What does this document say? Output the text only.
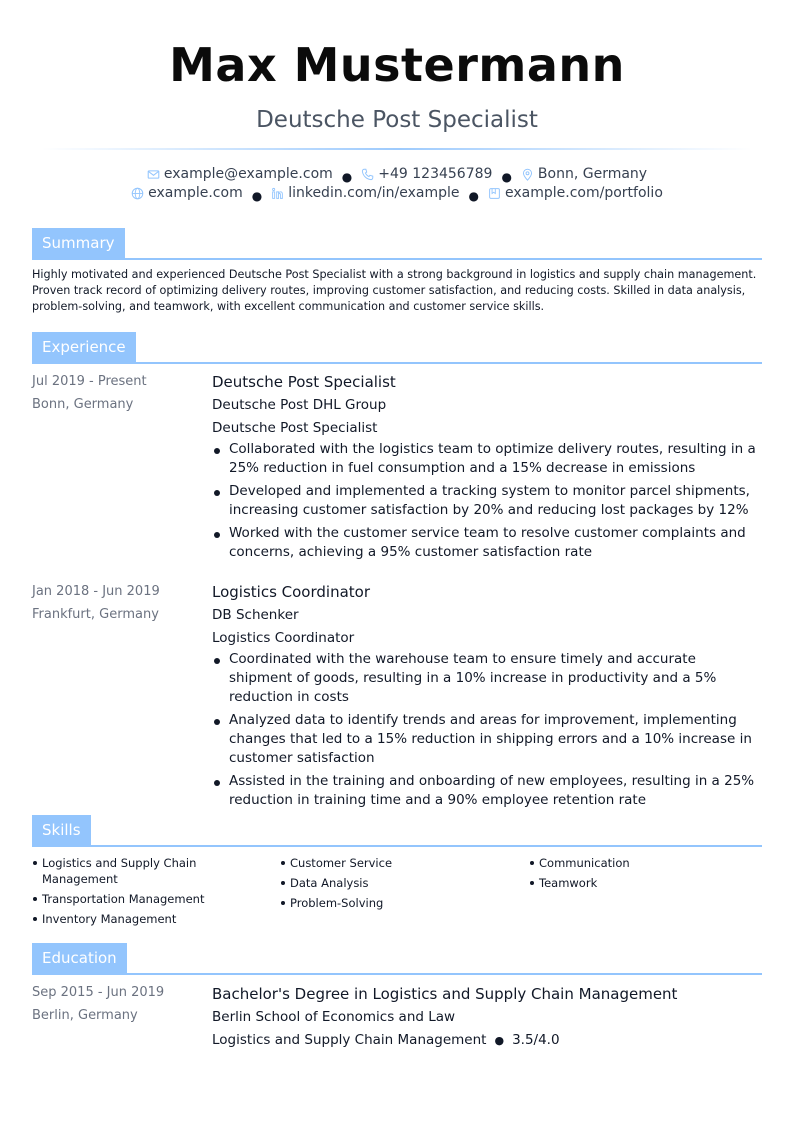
Max Mustermann
Deutsche Post Specialist
example@example.com ● +49 123456789 ● Bonn, Germany
example.com ● linkedin.com/in/example ● example.com/portfolio
Summary
Highly motivated and experienced Deutsche Post Specialist with a strong background in logistics and supply chain management. Proven track record of optimizing delivery routes, improving customer satisfaction, and reducing costs. Skilled in data analysis, problem-solving, and teamwork, with excellent communication and customer service skills.
Experience
Jul 2019 - Present
Bonn, Germany
Deutsche Post Specialist
Deutsche Post DHL Group
Deutsche Post Specialist
Collaborated with the logistics team to optimize delivery routes, resulting in a 25% reduction in fuel consumption and a 15% decrease in emissions
Developed and implemented a tracking system to monitor parcel shipments, increasing customer satisfaction by 20% and reducing lost packages by 12%
Worked with the customer service team to resolve customer complaints and concerns, achieving a 95% customer satisfaction rate
Jan 2018 - Jun 2019
Frankfurt, Germany
Logistics Coordinator
DB Schenker
Logistics Coordinator
Coordinated with the warehouse team to ensure timely and accurate shipment of goods, resulting in a 10% increase in productivity and a 5% reduction in costs
Analyzed data to identify trends and areas for improvement, implementing changes that led to a 15% reduction in shipping errors and a 10% increase in customer satisfaction
Assisted in the training and onboarding of new employees, resulting in a 25% reduction in training time and a 90% employee retention rate
Skills
Logistics and Supply Chain Management
Transportation Management
Inventory Management
Customer Service
Data Analysis
Problem-Solving
Communication
Teamwork
Education
Sep 2015 - Jun 2019
Berlin, Germany
Bachelor's Degree in Logistics and Supply Chain Management
Berlin School of Economics and Law
Logistics and Supply Chain Management ● 3.5/4.0
